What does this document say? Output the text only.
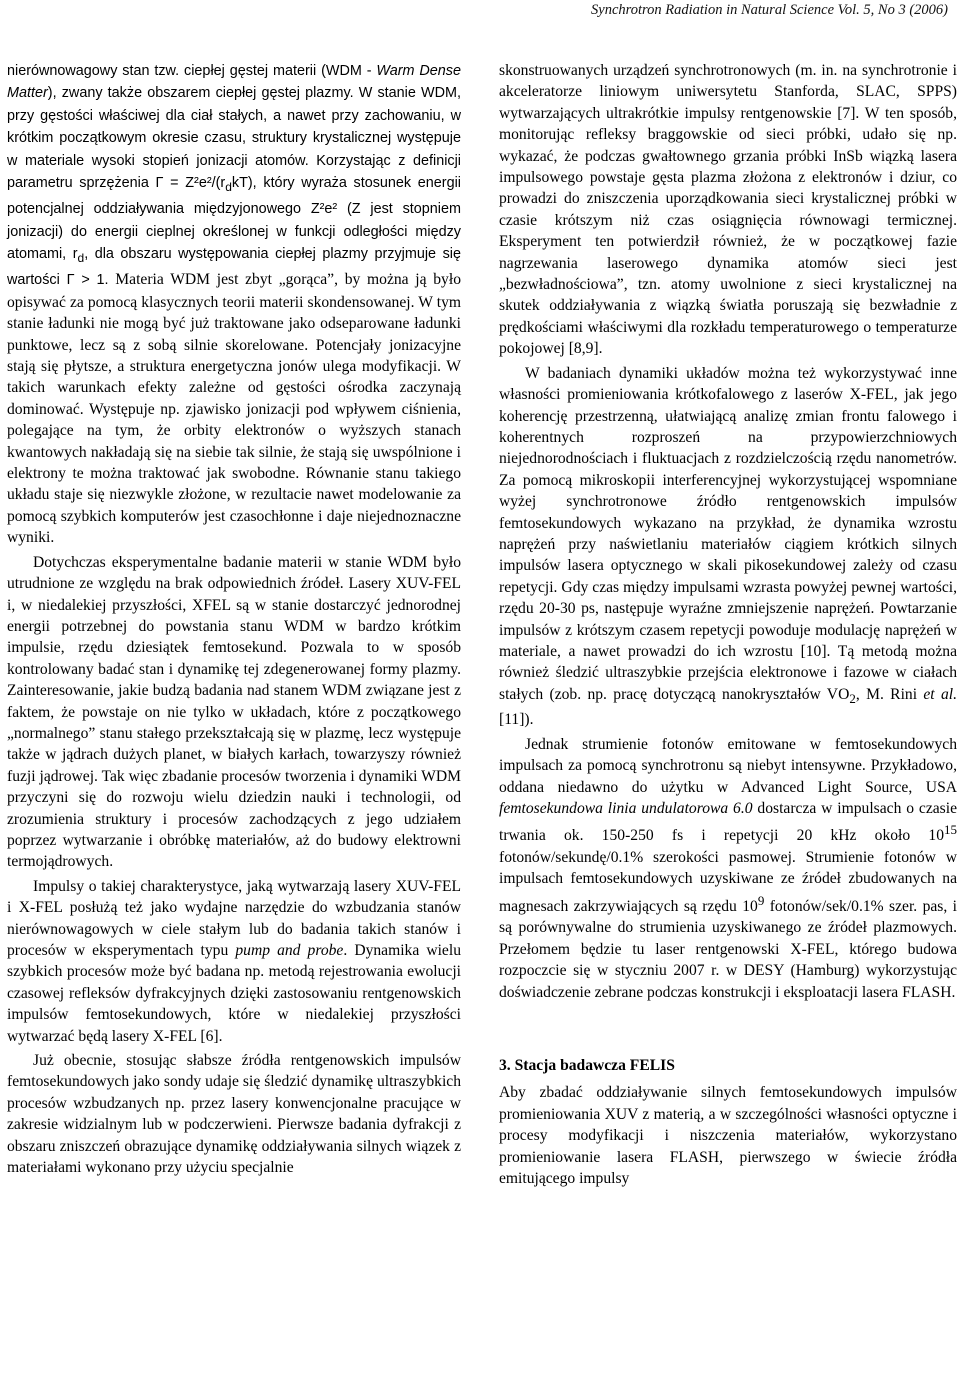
Synchrotron Radiation in Natural Science Vol. 5, No 3 (2006)

nierównowagowy stan tzw. ciepłej gęstej materii (WDM - Warm Dense Matter), zwany także obszarem ciepłej gęstej plazmy. W stanie WDM, przy gęstości właściwej dla ciał stałych, a nawet przy zachowaniu, w krótkim początkowym okresie czasu, struktury krystalicznej występuje w materiale wysoki stopień jonizacji atomów. Korzystając z definicji parametru sprzężenia Γ = Z²e²/$(r_dkT)$, który wyraża stosunek energii potencjalnej oddziaływania międzyjonowego Z²e² (Z jest stopniem jonizacji) do energii cieplnej określonej w funkcji odległości między atomami, $r_d$, dla obszaru występowania ciepłej plazmy przyjmuje się wartości Γ > 1. Materia WDM jest zbyt „gorąca”, by można ją było opisywać za pomocą klasycznych teorii materii skondensowanej. W tym stanie ładunki nie mogą być już traktowane jako odseparowane ładunki punktowe, lecz są z sobą silnie skorelowane. Potencjały jonizacyjne stają się płytsze, a struktura energetyczna jonów ulega modyfikacji. W takich warunkach efekty zależne od gęstości ośrodka zaczynają dominować. Występuje np. zjawisko jonizacji pod wpływem ciśnienia, polegające na tym, że orbity elektronów o wyższych stanach kwantowych nakładają się na siebie tak silnie, że stają się uwspólnione i elektrony te można traktować jak swobodne. Równanie stanu takiego układu staje się niezwykle złożone, w rezultacie nawet modelowanie za pomocą szybkich komputerów jest czasochłonne i daje niejednoznaczne wyniki.

Dotychczas eksperymentalne badanie materii w stanie WDM było utrudnione ze względu na brak odpowiednich źródeł. Lasery XUV-FEL i, w niedalekiej przyszłości, XFEL są w stanie dostarczyć jednorodnej energii potrzebnej do powstania stanu WDM w bardzo krótkim impulsie, rzędu dziesiątek femtosekund. Pozwala to w sposób kontrolowany badać stan i dynamikę tej zdegenerowanej formy plazmy. Zainteresowanie, jakie budzą badania nad stanem WDM związane jest z faktem, że powstaje on nie tylko w układach, które z początkowego „normalnego” stanu stałego przekształcają się w plazmę, lecz występuje także w jądrach dużych planet, w białych karłach, towarzyszy również fuzji jądrowej. Tak więc zbadanie procesów tworzenia i dynamiki WDM przyczyni się do rozwoju wielu dziedzin nauki i technologii, od zrozumienia struktury i procesów zachodzących z jego udziałem poprzez wytwarzanie i obróbkę materiałów, aż do budowy elektrowni termojądrowych.

Impulsy o takiej charakterystyce, jaką wytwarzają lasery XUV-FEL i X-FEL posłużą też jako wydajne narzędzie do wzbudzania stanów nierównowagowych w ciele stałym lub do badania takich stanów i procesów w eksperymentach typu pump and probe. Dynamika wielu szybkich procesów może być badana np. metodą rejestrowania ewolucji czasowej refleksów dyfrakcyjnych dzięki zastosowaniu rentgenowskich impulsów femtosekundowych, które w niedalekiej przyszłości wytwarzać będą lasery X-FEL [6].

Już obecnie, stosując słabsze źródła rentgenowskich impulsów femtosekundowych jako sondy udaje się śledzić dynamikę ultraszybkich procesów wzbudzanych np. przez lasery konwencjonalne pracujące w zakresie widzialnym lub w podczerwieni. Pierwsze badania dyfrakcji z obszaru zniszczeń obrazujące dynamikę oddziaływania silnych wiązek z materiałami wykonano przy użyciu specjalnie

skonstruowanych urządzeń synchrotronowych (m. in. na synchrotronie i akceleratorze liniowym uniwersytetu Stanforda, SLAC, SPPS) wytwarzających ultrakrótkie impulsy rentgenowskie [7]. W ten sposób, monitorując refleksy braggowskie od sieci próbki, udało się np. wykazać, że podczas gwałtownego grzania próbki InSb wiązką lasera impulsowego powstaje gęsta plazma złożona z elektronów i dziur, co prowadzi do zniszczenia uporządkowania sieci krystalicznej próbki w czasie krótszym niż czas osiągnięcia równowagi termicznej. Eksperyment ten potwierdził również, że w początkowej fazie nagrzewania laserowego dynamika atomów sieci jest „bezwładnościowa”, tzn. atomy uwolnione z sieci krystalicznej na skutek oddziaływania z wiązką światła poruszają się bezwładnie z prędkościami właściwymi dla rozkładu temperaturowego o temperaturze pokojowej [8,9].

W badaniach dynamiki układów można też wykorzystywać inne własności promieniowania krótkofalowego z laserów X-FEL, jak jego koherencję przestrzenną, ułatwiającą analizę zmian frontu falowego i koherentnych rozproszeń na przypowierzchniowych niejednorodnościach i fluktuacjach z rozdzielczością rzędu nanometrów. Za pomocą mikroskopii interferencyjnej wykorzystującej wspomniane wyżej synchrotronowe źródło rentgenowskich impulsów femtosekundowych wykazano na przykład, że dynamika wzrostu naprężeń przy naświetlaniu materiałów ciągiem krótkich silnych impulsów lasera optycznego w skali pikosekundowej zależy od czasu repetycji. Gdy czas między impulsami wzrasta powyżej pewnej wartości, rzędu 20-30 ps, następuje wyraźne zmniejszenie naprężeń. Powtarzanie impulsów z krótszym czasem repetycji powoduje modulację naprężeń w materiale, a nawet prowadzi do ich wzrostu [10]. Tą metodą można również śledzić ultraszybkie przejścia elektronowe i fazowe w ciałach stałych (zob. np. pracę dotyczącą nanokryształów $VO_2$, M. Rini et al. [11]).

Jednak strumienie fotonów emitowane w femtosekundowych impulsach za pomocą synchrotronu są niebyt intensywne. Przykładowo, oddana niedawno do użytku w Advanced Light Source, USA femtosekundowa linia undulatorowa 6.0 dostarcza w impulsach o czasie trwania ok. 150-250 fs i repetycji 20 kHz około $10^{15}$ fotonów/sekundę/0.1% szerokości pasmowej. Strumienie fotonów w impulsach femtosekundowych uzyskiwane ze źródeł zbudowanych na magnesach zakrzywiających są rzędu $10^9$ fotonów/sek/0.1% szer. pas, i są porównywalne do strumienia uzyskiwanego ze źródeł plazmowych. Przełomem będzie tu laser rentgenowski X-FEL, którego budowa rozpoczcie się w styczniu 2007 r. w DESY (Hamburg) wykorzystując doświadczenie zebrane podczas konstrukcji i eksploatacji lasera FLASH.

3. Stacja badawcza FELIS

Aby zbadać oddziaływanie silnych femtosekundowych impulsów promieniowania XUV z materią, a w szczególności własności optyczne i procesy modyfikacji i niszczenia materiałów, wykorzystano promieniowanie lasera FLASH, pierwszego w świecie źródła emitującego impulsy
